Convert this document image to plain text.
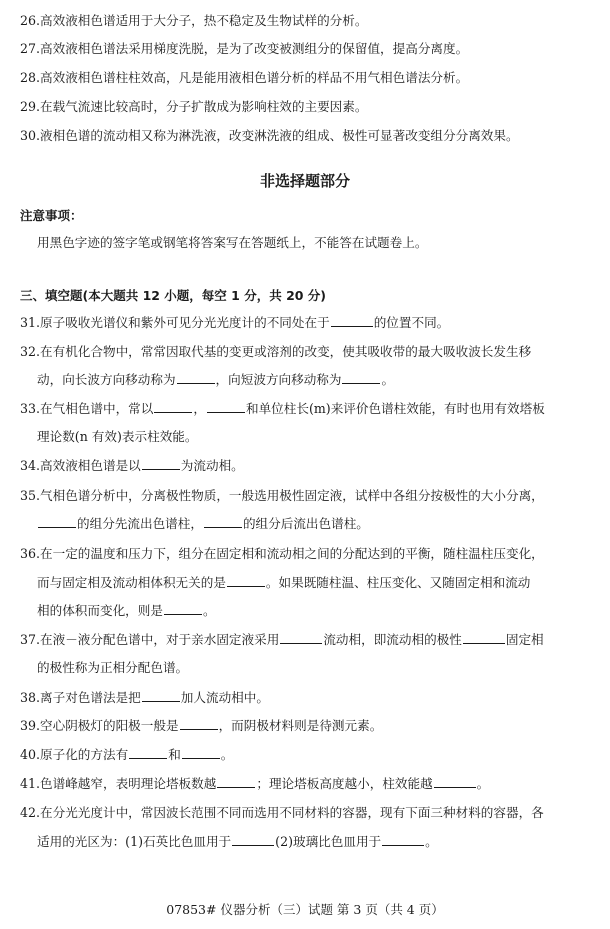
26.高效液相色谱适用于大分子，热不稳定及生物试样的分析。
27.高效液相色谱法采用梯度洗脱，是为了改变被测组分的保留值，提高分离度。
28.高效液相色谱柱柱效高，凡是能用液相色谱分析的样品不用气相色谱法分析。
29.在载气流速比较高时，分子扩散成为影响柱效的主要因素。
30.液相色谱的流动相又称为淋洗液，改变淋洗液的组成、极性可显著改变组分分离效果。
非选择题部分
注意事项：
用黑色字迹的签字笔或钢笔将答案写在答题纸上，不能答在试题卷上。
三、填空题(本大题共 12 小题，每空 1 分，共 20 分)
31.原子吸收光谱仪和紫外可见分光光度计的不同处在于	的位置不同。
32.在有机化合物中，常常因取代基的变更或溶剂的改变，使其吸收带的最大吸收波长发生移
动，向长波方向移动称为	，向短波方向移动称为	。
33.在气相色谱中，常以	，	和单位柱长(m)来评价色谱柱效能，有时也用有效塔板
理论数(n 有效)表示柱效能。
34.高效液相色谱是以	为流动相。
35.气相色谱分析中，分离极性物质，一般选用极性固定液，试样中各组分按极性的大小分离，
的组分先流出色谱柱，	的组分后流出色谱柱。
36.在一定的温度和压力下，组分在固定相和流动相之间的分配达到的平衡，随柱温柱压变化，
而与固定相及流动相体积无关的是	。如果既随柱温、柱压变化、又随固定相和流动
相的体积而变化，则是	。
37.在液－液分配色谱中，对于亲水固定液采用	流动相，即流动相的极性	固定相
的极性称为正相分配色谱。
38.离子对色谱法是把	加人流动相中。
39.空心阴极灯的阳极一般是	，而阴极材料则是待测元素。
40.原子化的方法有	和	。
41.色谱峰越窄，表明理论塔板数越	；理论塔板高度越小，柱效能越	。
42.在分光光度计中，常因波长范围不同而选用不同材料的容器，现有下面三种材料的容器，各
适用的光区为：(1)石英比色皿用于	(2)玻璃比色皿用于	。
07853# 仪器分析（三）试题 第 3 页（共 4 页）
